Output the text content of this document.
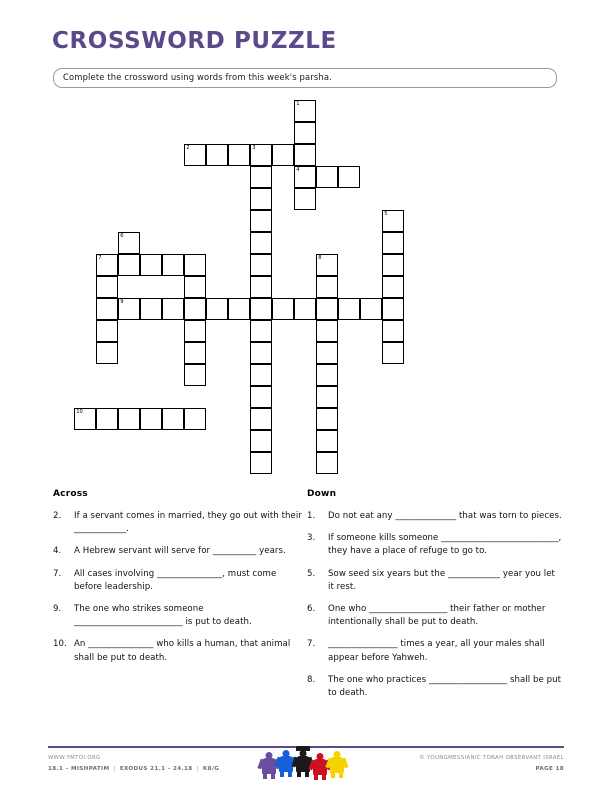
CROSSWORD PUZZLE
Complete the crossword using words from this week's parsha.
1
2	3
4
5
6
7	8
9
10
Across
2.	If a servant comes in married, they go out with their ____________.
4.	A Hebrew servant will serve for __________ years.
7.	All cases involving _______________, must come before leadership.
9.	The one who strikes someone _________________________ is put to death.
10. An _______________ who kills a human, that animal shall be put to death.
Down
1.	Do not eat any ______________ that was torn to pieces.
3.	If someone kills someone ___________________________, they have a place of refuge to go to.
5.	Sow seed six years but the ____________ year you let it rest.
6.	One who __________________ their father or mother intentionally shall be put to death.
7.	________________ times a year, all your males shall appear before Yahweh.
8.	The one who practices __________________ shall be put to death.
WWW.YMTOI.ORG
18.1 – MISHPATIM | EXODUS 21.1 – 24.18 | K8/G
© YOUNGMESSIANIC TORAH OBSERVANT ISRAEL
PAGE 18
